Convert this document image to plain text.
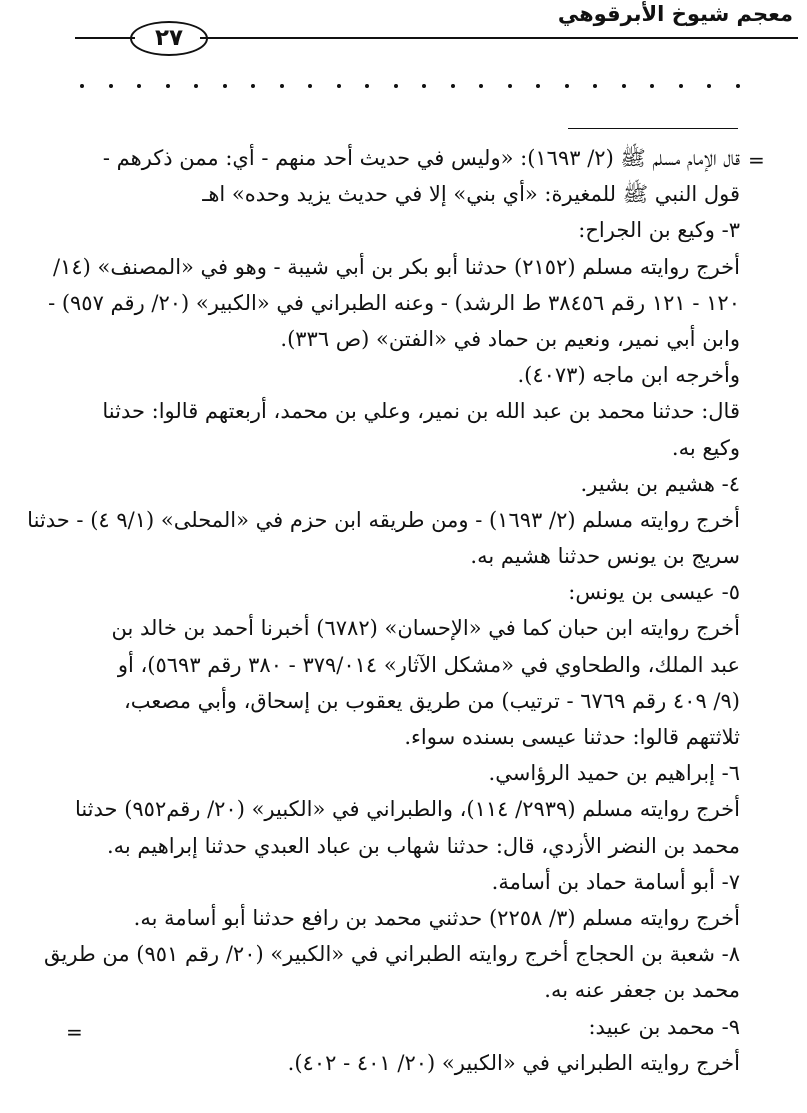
معجم شيوخ الأبرقوهي
٢٧
=
=
قال الإمام مسلم ﷺ (٢/ ١٦٩٣): «وليس في حديث أحد منهم - أي: ممن ذكرهم -
قول النبي ﷺ للمغيرة: «أي بني» إلا في حديث يزيد وحده» اهـ
٣- وكيع بن الجراح:
أخرج روايته مسلم (٢١٥٢) حدثنا أبو بكر بن أبي شيبة - وهو في «المصنف» (١٤/
١٢٠ - ١٢١ رقم ٣٨٤٥٦ ط الرشد) - وعنه الطبراني في «الكبير» (٢٠/ رقم ٩٥٧) -
وابن أبي نمير، ونعيم بن حماد في «الفتن» (ص ٣٣٦).
وأخرجه ابن ماجه (٤٠٧٣).
قال: حدثنا محمد بن عبد الله بن نمير، وعلي بن محمد، أربعتهم قالوا: حدثنا
وكيع به.
٤- هشيم بن بشير.
أخرج روايته مسلم (٢/ ١٦٩٣) - ومن طريقه ابن حزم في «المحلى» (٩/١ ٤) - حدثنا
سريج بن يونس حدثنا هشيم به.
٥- عيسى بن يونس:
أخرج روايته ابن حبان كما في «الإحسان» (٦٧٨٢) أخبرنا أحمد بن خالد بن
عبد الملك، والطحاوي في «مشكل الآثار» ٣٧٩/٠١٤ - ٣٨٠ رقم ٥٦٩٣)، أو
(٩/ ٤٠٩ رقم ٦٧٦٩ - ترتيب) من طريق يعقوب بن إسحاق، وأبي مصعب،
ثلاثتهم قالوا: حدثنا عيسى بسنده سواء.
٦- إبراهيم بن حميد الرؤاسي.
أخرج روايته مسلم (٢٩٣٩/ ١١٤)، والطبراني في «الكبير» (٢٠/ رقم٩٥٢) حدثنا
محمد بن النضر الأزدي، قال: حدثنا شهاب بن عباد العبدي حدثنا إبراهيم به.
٧- أبو أسامة حماد بن أسامة.
أخرج روايته مسلم (٣/ ٢٢٥٨) حدثني محمد بن رافع حدثنا أبو أسامة به.
٨- شعبة بن الحجاج أخرج روايته الطبراني في «الكبير» (٢٠/ رقم ٩٥١) من طريق
محمد بن جعفر عنه به.
٩- محمد بن عبيد:
أخرج روايته الطبراني في «الكبير» (٢٠/ ٤٠١ - ٤٠٢).
